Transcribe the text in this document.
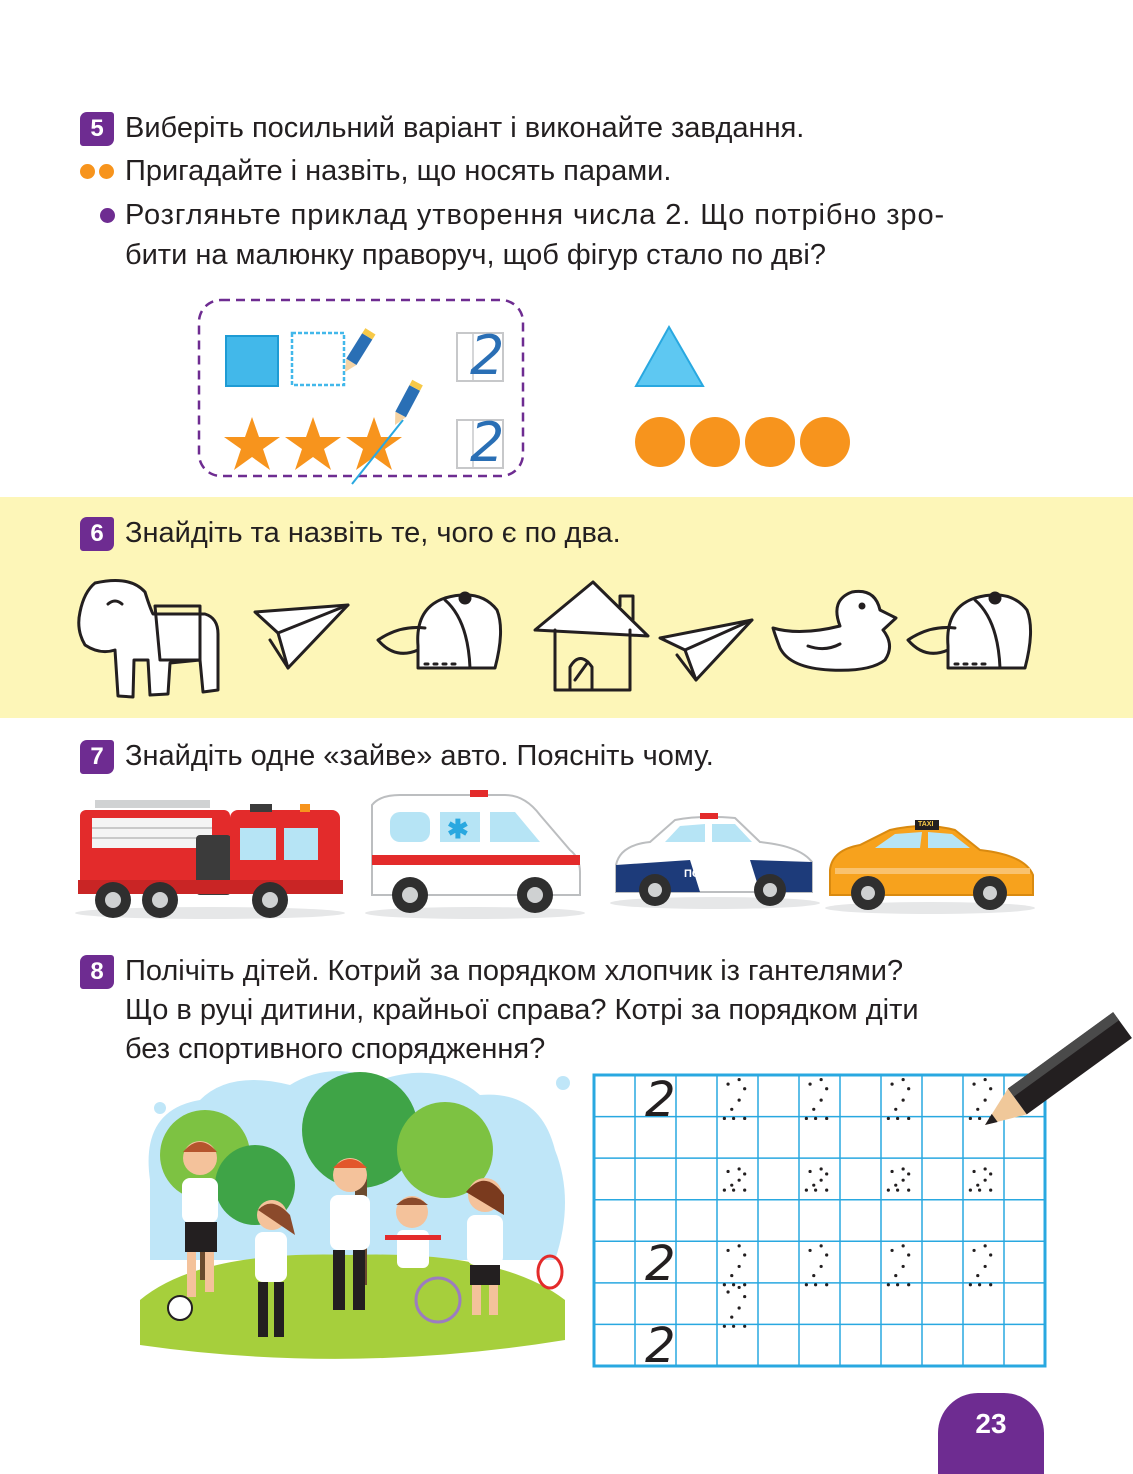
5 Виберіть посильний варіант і виконайте завдання.
Пригадайте і назвіть, що носять парами.
Розгляньте приклад утворення числа 2. Що потрібно зро-
бити на малюнку праворуч, щоб фігур стало по дві?
2
2
6 Знайдіть та назвіть те, чого є по два.
7 Знайдіть одне «зайве» авто. Поясніть чому.
✱
ПОЛІЦІЯ
TAXI
8 Полічіть дітей. Котрий за порядком хлопчик із гантелями?
Що в руці дитини, крайньої справа? Котрі за порядком діти
без спортивного спорядження?
2
2
2
23
